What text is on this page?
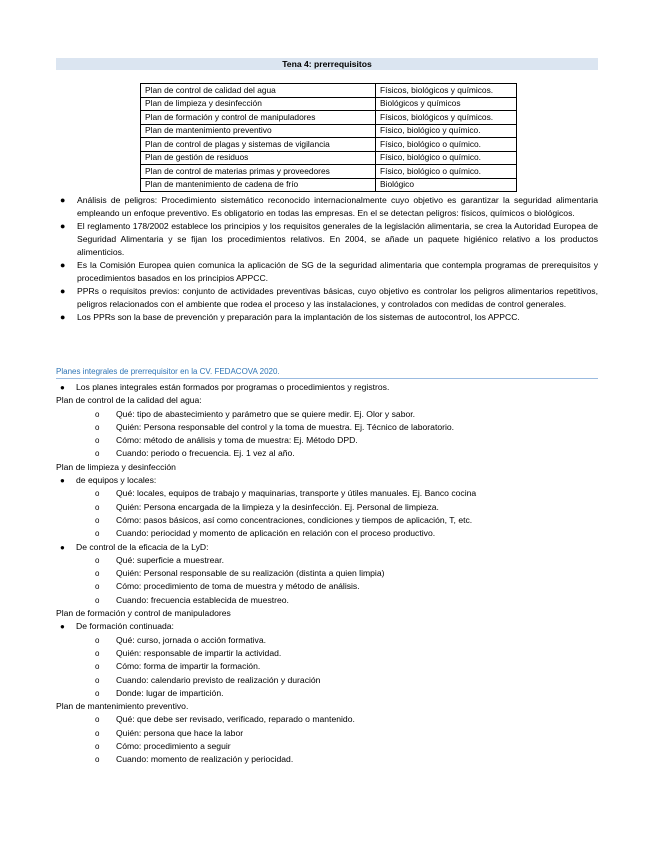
Tena 4: prerrequisitos
Plan de control de calidad del agua	Físicos, biológicos y químicos.
Plan de limpieza y desinfección	Biológicos y químicos
Plan de formación y control de manipuladores	Físicos, biológicos y químicos.
Plan de mantenimiento preventivo	Físico, biológico y químico.
Plan de control de plagas y sistemas de vigilancia	Físico, biológico o químico.
Plan de gestión de residuos	Físico, biológico o químico.
Plan de control de materias primas y proveedores	Físico, biológico o químico.
Plan de mantenimiento de cadena de frío	Biológico
● Análisis de peligros: Procedimiento sistemático reconocido internacionalmente cuyo objetivo es garantizar la seguridad alimentaria empleando un enfoque preventivo. Es obligatorio en todas las empresas. En el se detectan peligros: físicos, químicos o biológicos.
● El reglamento 178/2002 establece los principios y los requisitos generales de la legislación alimentaria, se crea la Autoridad Europea de Seguridad Alimentaria y se fijan los procedimientos relativos. En 2004, se añade un paquete higiénico relativo a los productos alimenticios.
● Es la Comisión Europea quien comunica la aplicación de SG de la seguridad alimentaria que contempla programas de prerequisitos y procedimientos basados en los principios APPCC.
● PPRs o requisitos previos: conjunto de actividades preventivas básicas, cuyo objetivo es controlar los peligros alimentarios repetitivos, peligros relacionados con el ambiente que rodea el proceso y las instalaciones, y controlados con medidas de control generales.
● Los PPRs son la base de prevención y preparación para la implantación de los sistemas de autocontrol, los APPCC.
Planes integrales de prerrequisitor en la CV. FEDACOVA 2020.
● Los planes integrales están formados por programas o procedimientos y registros.
Plan de control de la calidad del agua:
o Qué: tipo de abastecimiento y parámetro que se quiere medir. Ej. Olor y sabor.
o Quién: Persona responsable del control y la toma de muestra. Ej. Técnico de laboratorio.
o Cómo: método de análisis y toma de muestra: Ej. Método DPD.
o Cuando: periodo o frecuencia. Ej. 1 vez al año.
Plan de limpieza y desinfección
● de equipos y locales:
o Qué: locales, equipos de trabajo y maquinarias, transporte y útiles manuales. Ej. Banco cocina
o Quién: Persona encargada de la limpieza y la desinfección. Ej. Personal de limpieza.
o Cómo: pasos básicos, así como concentraciones, condiciones y tiempos de aplicación, T, etc.
o Cuando: periocidad y momento de aplicación en relación con el proceso productivo.
● De control de la eficacia de la LyD:
o Qué: superficie a muestrear.
o Quién: Personal responsable de su realización (distinta a quien limpia)
o Cómo: procedimiento de toma de muestra y método de análisis.
o Cuando: frecuencia establecida de muestreo.
Plan de formación y control de manipuladores
● De formación continuada:
o Qué: curso, jornada o acción formativa.
o Quién: responsable de impartir la actividad.
o Cómo: forma de impartir la formación.
o Cuando: calendario previsto de realización y duración
o Donde: lugar de impartición.
Plan de mantenimiento preventivo.
o Qué: que debe ser revisado, verificado, reparado o mantenido.
o Quién: persona que hace la labor
o Cómo: procedimiento a seguir
o Cuando: momento de realización y periocidad.
